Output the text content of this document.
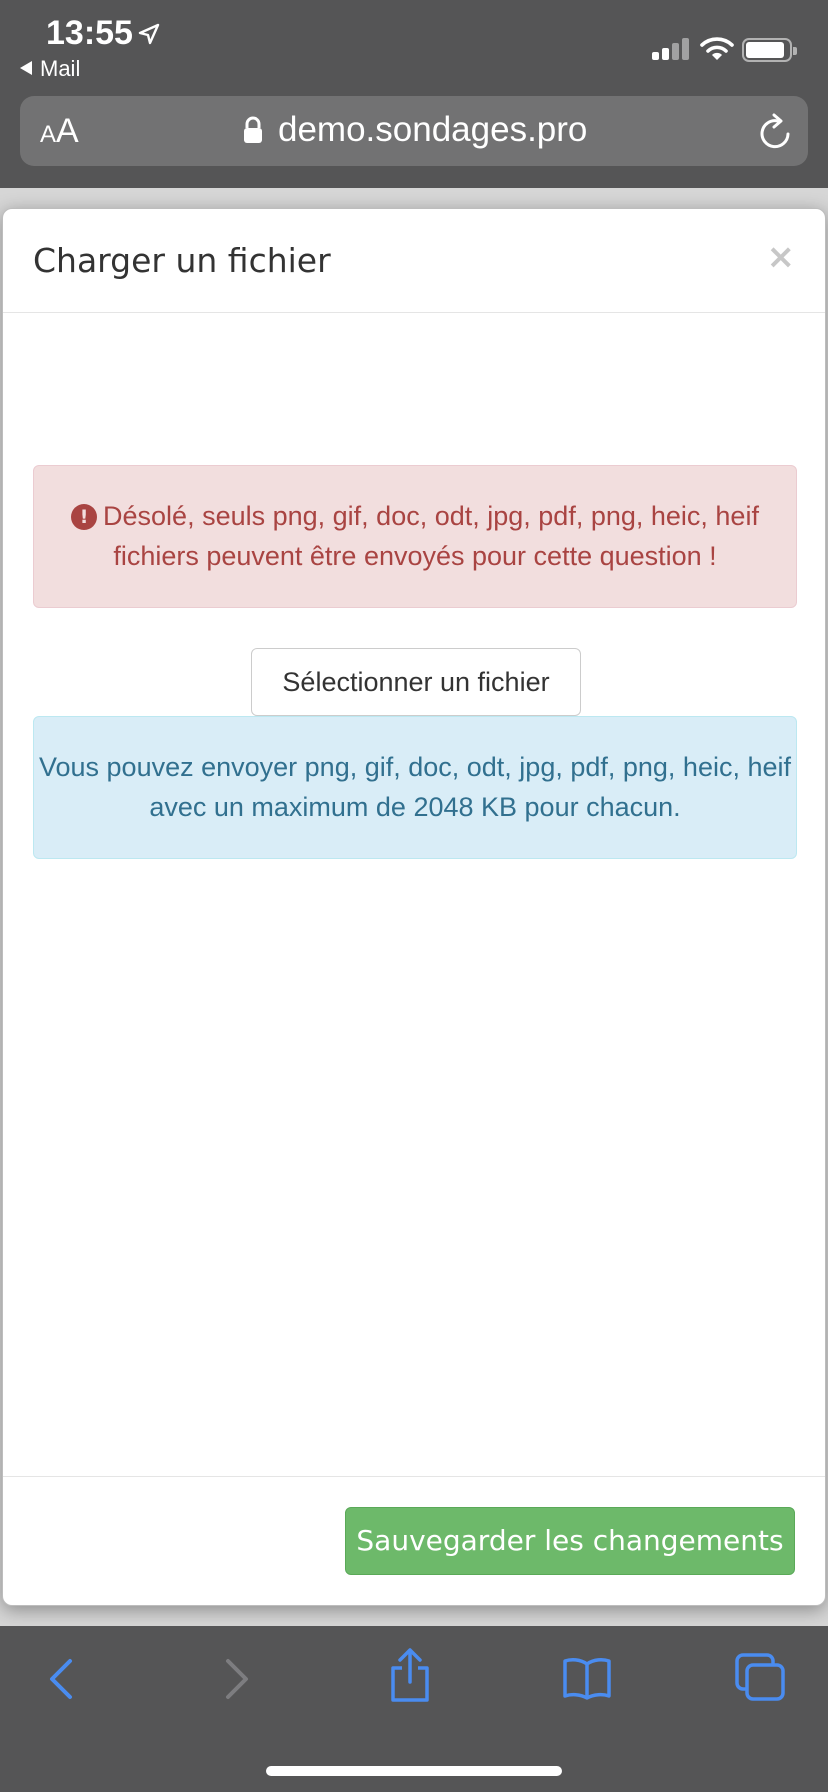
13:55
Mail
AA	demo.sondages.pro
Charger un fichier	×
! Désolé, seuls png, gif, doc, odt, jpg, pdf, png, heic, heif fichiers peuvent être envoyés pour cette question !
Sélectionner un fichier
Vous pouvez envoyer png, gif, doc, odt, jpg, pdf, png, heic, heif avec un maximum de 2048 KB pour chacun.
Sauvegarder les changements
